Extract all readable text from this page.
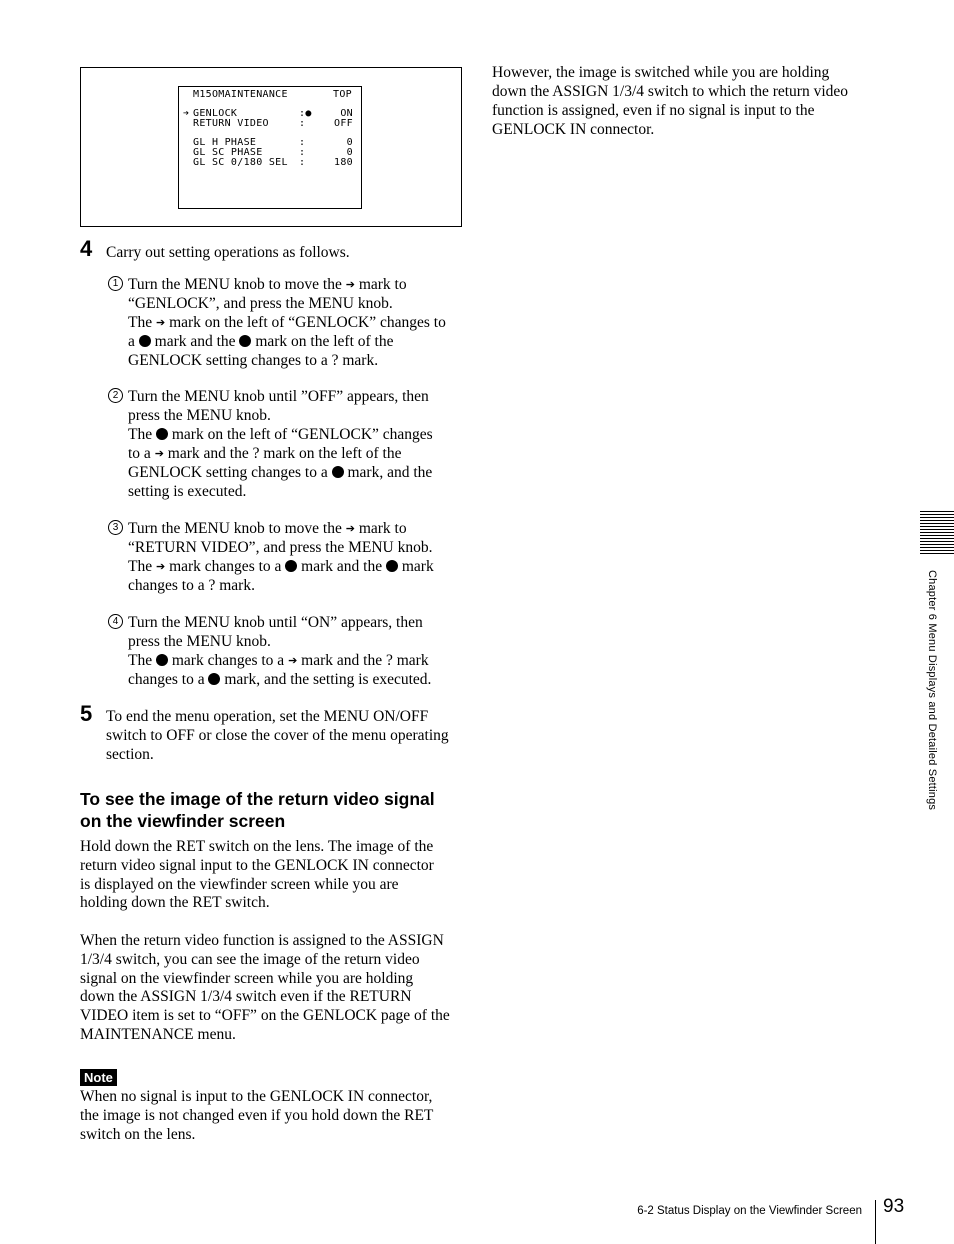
M15OMAINTENANCE	TOP
➔ GENLOCK	:●	ON
RETURN VIDEO	:	OFF
GL H PHASE	:	0
GL SC PHASE	:	0
GL SC 0/180 SEL :	180
4 Carry out setting operations as follows.
1 Turn the MENU knob to move the ➔ mark to
“GENLOCK”, and press the MENU knob.
The ➔ mark on the left of “GENLOCK” changes to
a mark and the mark on the left of the
GENLOCK setting changes to a ? mark.
2 Turn the MENU knob until ”OFF” appears, then
press the MENU knob.
The mark on the left of “GENLOCK” changes
to a ➔ mark and the ? mark on the left of the
GENLOCK setting changes to a mark, and the
setting is executed.
3 Turn the MENU knob to move the ➔ mark to
“RETURN VIDEO”, and press the MENU knob.
The ➔ mark changes to a mark and the mark
changes to a ? mark.
4 Turn the MENU knob until “ON” appears, then
press the MENU knob.
The mark changes to a ➔ mark and the ? mark
changes to a mark, and the setting is executed.
5 To end the menu operation, set the MENU ON/OFF
switch to OFF or close the cover of the menu operating
section.
To see the image of the return video signal
on the viewfinder screen
Hold down the RET switch on the lens. The image of the
return video signal input to the GENLOCK IN connector
is displayed on the viewfinder screen while you are
holding down the RET switch.
When the return video function is assigned to the ASSIGN
1/3/4 switch, you can see the image of the return video
signal on the viewfinder screen while you are holding
down the ASSIGN 1/3/4 switch even if the RETURN
VIDEO item is set to “OFF” on the GENLOCK page of the
MAINTENANCE menu.
Note
When no signal is input to the GENLOCK IN connector,
the image is not changed even if you hold down the RET
switch on the lens.
However, the image is switched while you are holding
down the ASSIGN 1/3/4 switch to which the return video
function is assigned, even if no signal is input to the
GENLOCK IN connector.
Chapter 6 Menu Displays and Detailed Settings
6-2 Status Display on the Viewfinder Screen 93
